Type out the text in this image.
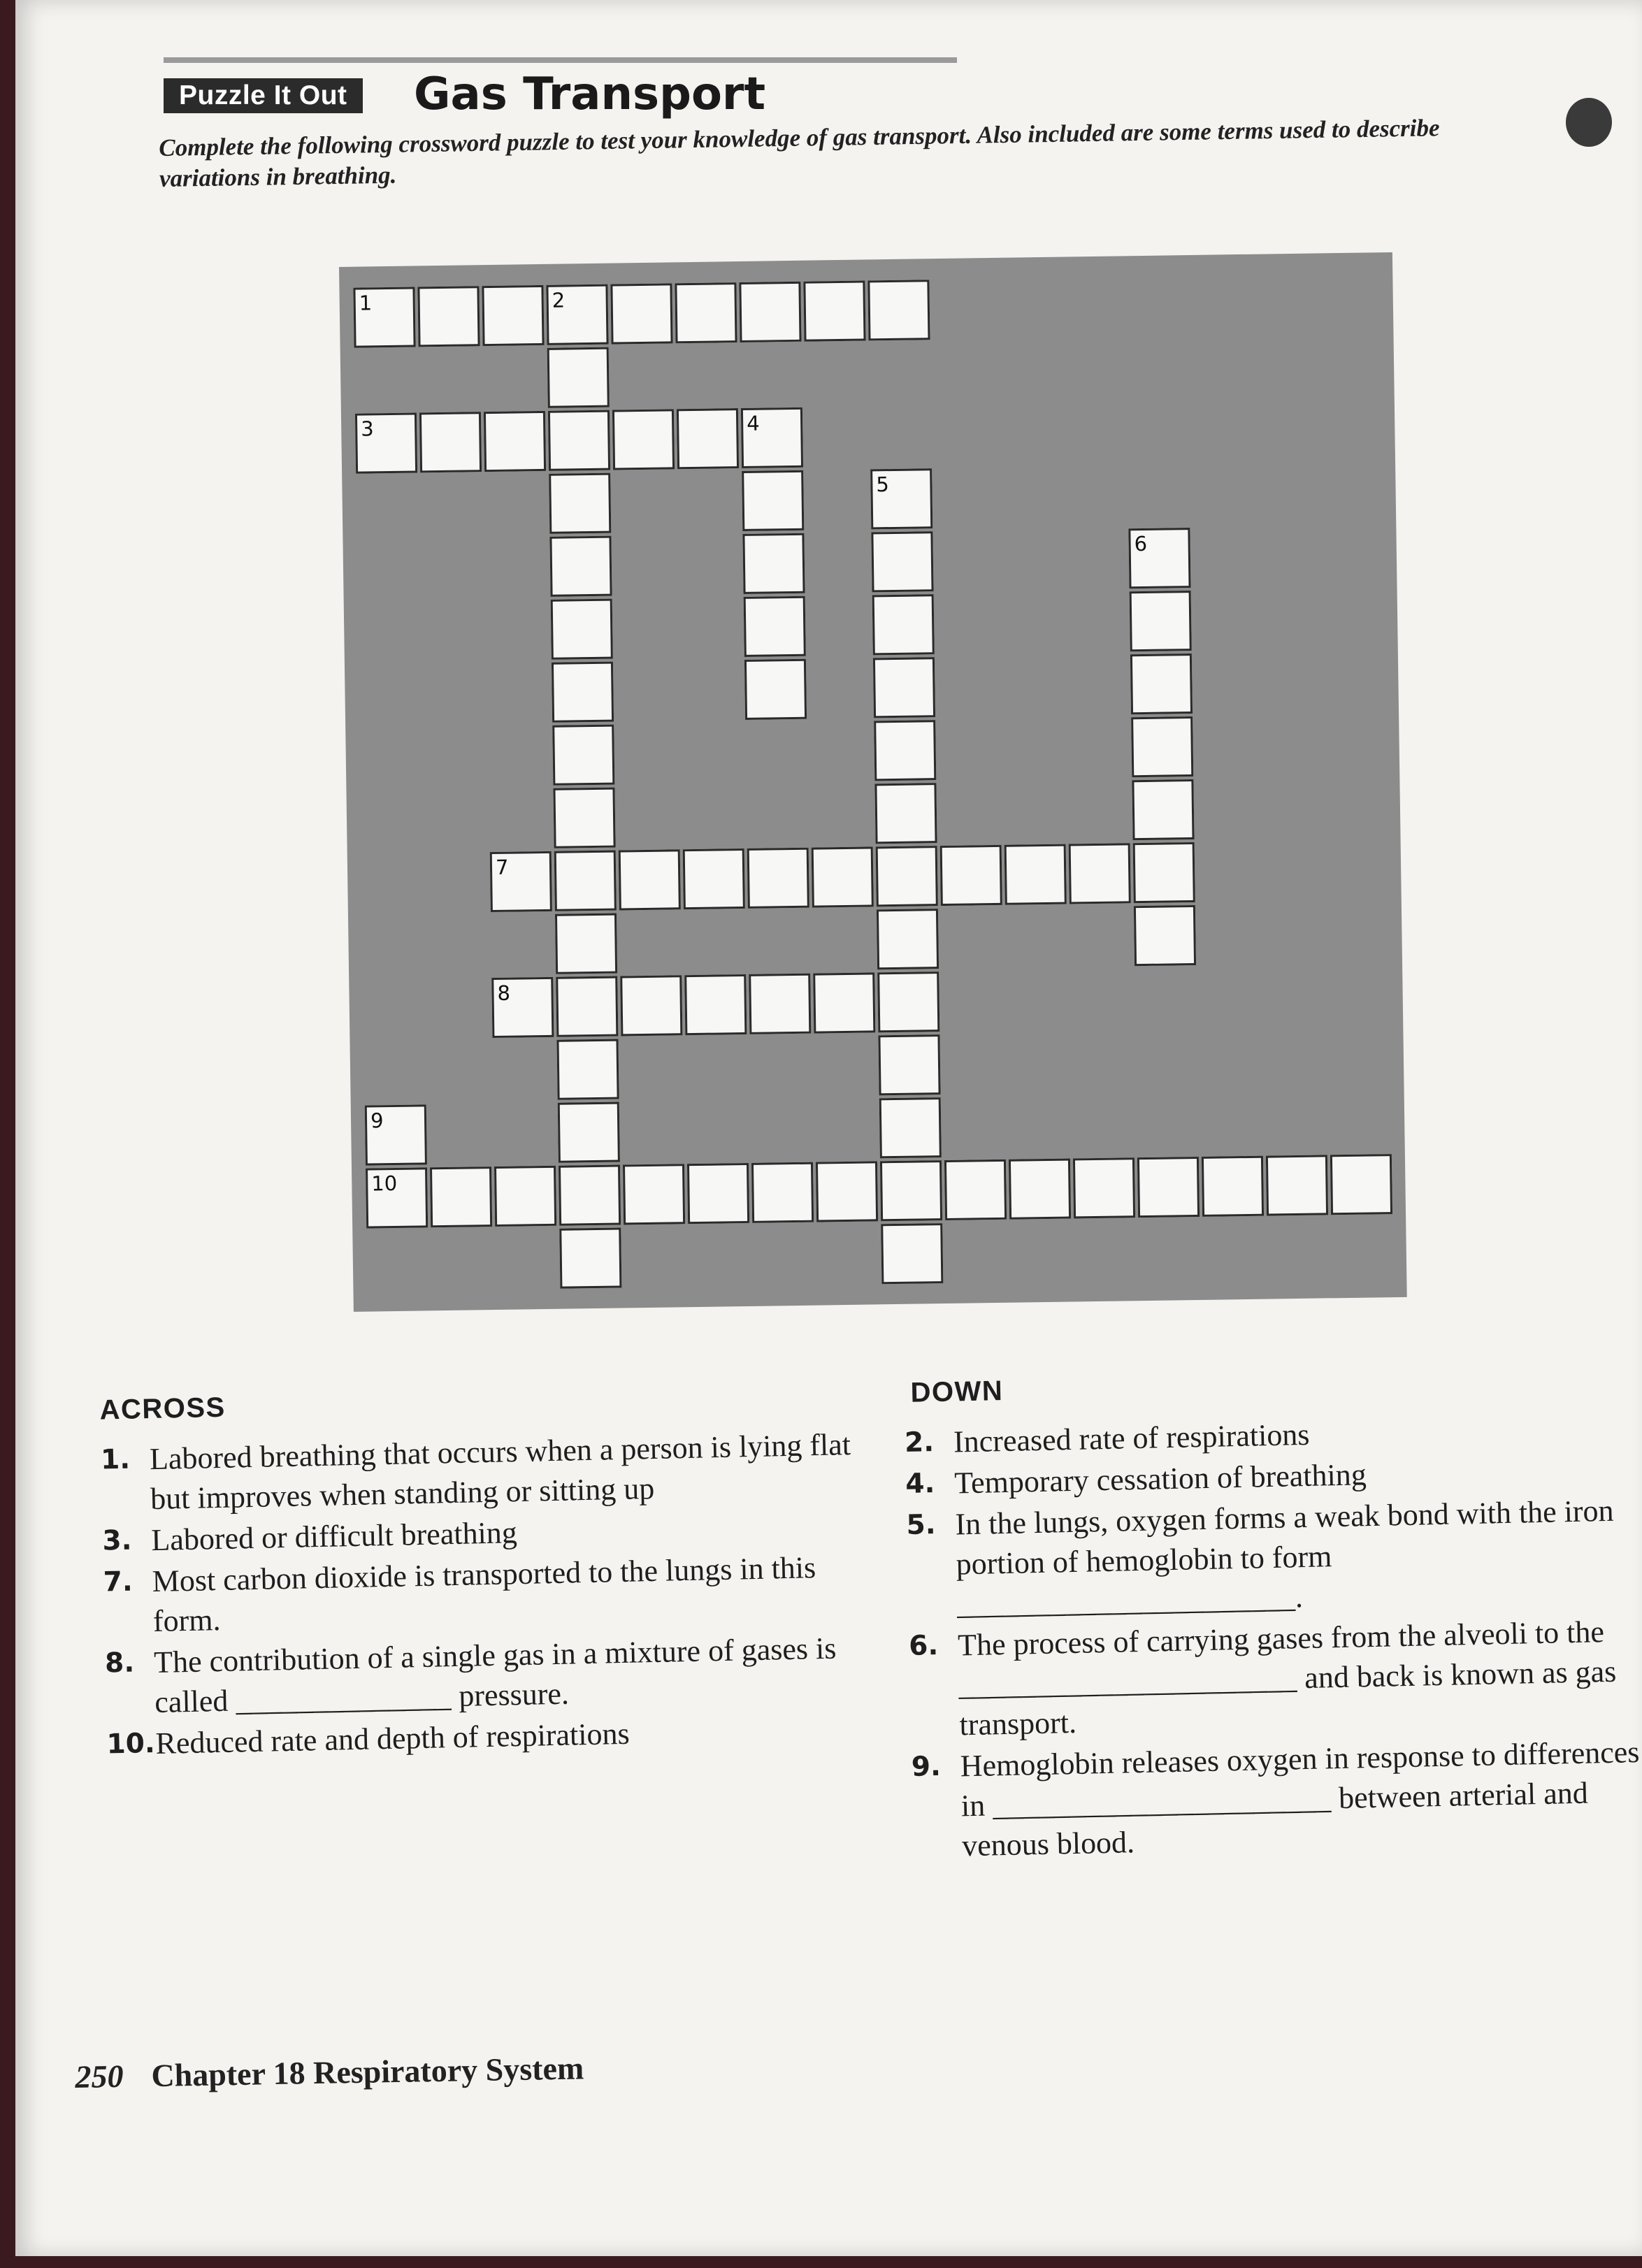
Puzzle It Out	Gas Transport
Complete the following crossword puzzle to test your knowledge of gas transport. Also included are some terms used to describe variations in breathing.
1	2
3	4
5
6
7
8
9
10
ACROSS
1. Labored breathing that occurs when a person is lying flat but improves when standing or sitting up
3. Labored or difficult breathing
7. Most carbon dioxide is transported to the lungs in this form.
8. The contribution of a single gas in a mixture of gases is called ______________ pressure.
10. Reduced rate and depth of respirations
DOWN
2. Increased rate of respirations
4. Temporary cessation of breathing
5. In the lungs, oxygen forms a weak bond with the iron portion of hemoglobin to form ______________________.
6. The process of carrying gases from the alveoli to the ______________________ and back is known as gas transport.
9. Hemoglobin releases oxygen in response to differences in ______________________ between arterial and venous blood.
250 Chapter 18 Respiratory System
